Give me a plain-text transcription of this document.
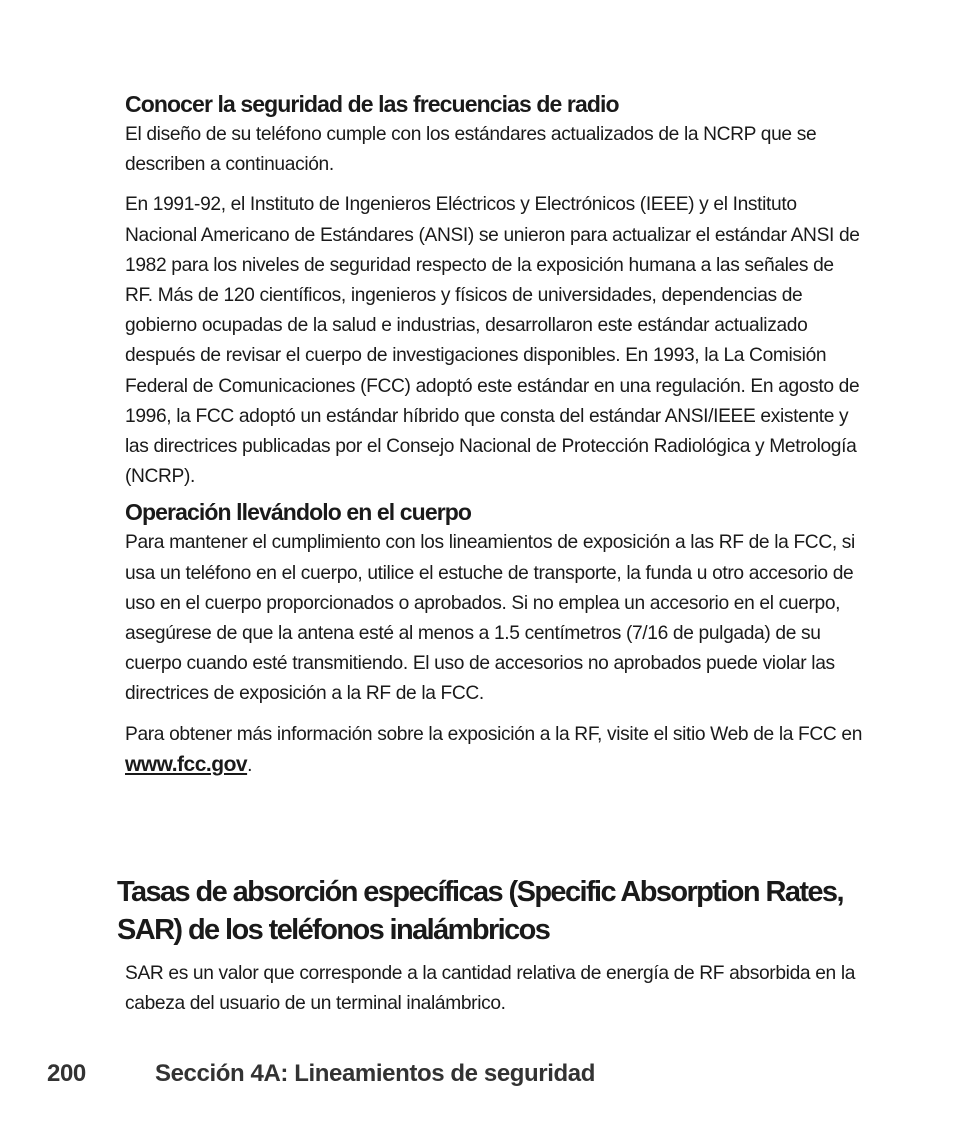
Conocer la seguridad de las frecuencias de radio

El diseño de su teléfono cumple con los estándares actualizados de la NCRP que se describen a continuación.

En 1991-92, el Instituto de Ingenieros Eléctricos y Electrónicos (IEEE) y el Instituto Nacional Americano de Estándares (ANSI) se unieron para actualizar el estándar ANSI de 1982 para los niveles de seguridad respecto de la exposición humana a las señales de RF. Más de 120 científicos, ingenieros y físicos de universidades, dependencias de gobierno ocupadas de la salud e industrias, desarrollaron este estándar actualizado después de revisar el cuerpo de investigaciones disponibles. En 1993, la La Comisión Federal de Comunicaciones (FCC) adoptó este estándar en una regulación. En agosto de 1996, la FCC adoptó un estándar híbrido que consta del estándar ANSI/IEEE existente y las directrices publicadas por el Consejo Nacional de Protección Radiológica y Metrología (NCRP).

Operación llevándolo en el cuerpo

Para mantener el cumplimiento con los lineamientos de exposición a las RF de la FCC, si usa un teléfono en el cuerpo, utilice el estuche de transporte, la funda u otro accesorio de uso en el cuerpo proporcionados o aprobados. Si no emplea un accesorio en el cuerpo, asegúrese de que la antena esté al menos a 1.5 centímetros (7/16 de pulgada) de su cuerpo cuando esté transmitiendo. El uso de accesorios no aprobados puede violar las directrices de exposición a la RF de la FCC.

Para obtener más información sobre la exposición a la RF, visite el sitio Web de la FCC en www.fcc.gov.

Tasas de absorción específicas (Specific Absorption Rates, SAR) de los teléfonos inalámbricos

SAR es un valor que corresponde a la cantidad relativa de energía de RF absorbida en la cabeza del usuario de un terminal inalámbrico.

200	Sección 4A: Lineamientos de seguridad
